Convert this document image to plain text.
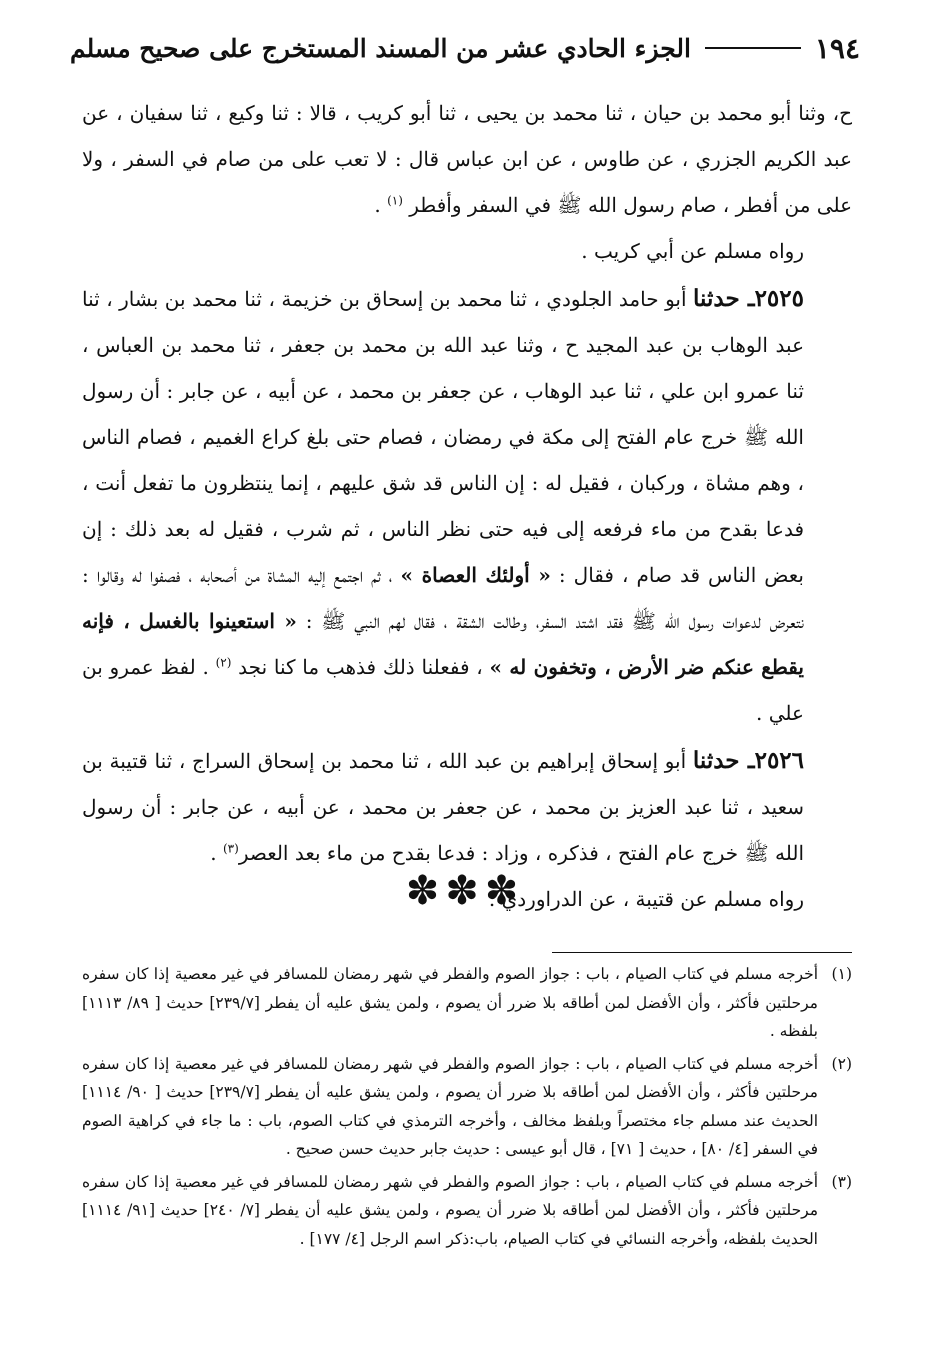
١٩٤
الجزء الحادي عشر من المسند المستخرج على صحيح مسلم

ح، وثنا أبو محمد بن حيان ، ثنا محمد بن يحيى ، ثنا أبو كريب ، قالا : ثنا وكيع ، ثنا سفيان ، عن عبد الكريم الجزري ، عن طاوس ، عن ابن عباس قال : لا تعب على من صام في السفر ، ولا على من أفطر ، صام رسول الله ﷺ في السفر وأفطر $^{(١)}$ .

رواه مسلم عن أبي كريب .

٢٥٢٥ـ حدثنا أبو حامد الجلودي ، ثنا محمد بن إسحاق بن خزيمة ، ثنا محمد بن بشار ، ثنا عبد الوهاب بن عبد المجيد ح ، وثنا عبد الله بن محمد بن جعفر ، ثنا محمد بن العباس ، ثنا عمرو ابن علي ، ثنا عبد الوهاب ، عن جعفر بن محمد ، عن أبيه ، عن جابر : أن رسول الله ﷺ خرج عام الفتح إلى مكة في رمضان ، فصام حتى بلغ كراع الغميم ، فصام الناس ، وهم مشاة ، وركبان ، فقيل له : إن الناس قد شق عليهم ، إنما ينتظرون ما تفعل أنت ، فدعا بقدح من ماء فرفعه إلى فيه حتى نظر الناس ، ثم شرب ، فقيل له بعد ذلك : إن بعض الناس قد صام ، فقال : « أولئك العصاة » ، ثم اجتمع إليه المشاة من أصحابه ، فصفوا له وقالوا : نتعرض لدعوات رسول الله ﷺ فقد اشتد السفر، وطالت الشقة ، فقال لهم النبي ﷺ : « استعينوا بالغسل ، فإنه يقطع عنكم ضر الأرض ، وتخفون له » ، ففعلنا ذلك فذهب ما كنا نجد $^{(٢)}$ . لفظ عمرو بن علي .

٢٥٢٦ـ حدثنا أبو إسحاق إبراهيم بن عبد الله ، ثنا محمد بن إسحاق السراج ، ثنا قتيبة بن سعيد ، ثنا عبد العزيز بن محمد ، عن جعفر بن محمد ، عن أبيه ، عن جابر : أن رسول الله ﷺ خرج عام الفتح ، فذكره ، وزاد : فدعا بقدح من ماء بعد العصر$^{(٣)}$ .

رواه مسلم عن قتيبة ، عن الدراوردي .

✽✽✽

(١)
أخرجه مسلم في كتاب الصيام ، باب : جواز الصوم والفطر في شهر رمضان للمسافر في غير معصية إذا كان سفره مرحلتين فأكثر ، وأن الأفضل لمن أطاقه بلا ضرر أن يصوم ، ولمن يشق عليه أن يفطر [٢٣٩/٧] حديث [ ٨٩/ ١١١٣] بلفظه .

(٢)
أخرجه مسلم في كتاب الصيام ، باب : جواز الصوم والفطر في شهر رمضان للمسافر في غير معصية إذا كان سفره مرحلتين فأكثر ، وأن الأفضل لمن أطاقه بلا ضرر أن يصوم ، ولمن يشق عليه أن يفطر [٢٣٩/٧] حديث [ ٩٠/ ١١١٤] الحديث عند مسلم جاء مختصراً وبلفظ مخالف ، وأخرجه الترمذي في كتاب الصوم، باب : ما جاء في كراهية الصوم في السفر [٤/ ٨٠] ، حديث [ ٧١] ، قال أبو عيسى : حديث جابر حديث حسن صحيح .

(٣)
أخرجه مسلم في كتاب الصيام ، باب : جواز الصوم والفطر في شهر رمضان للمسافر في غير معصية إذا كان سفره مرحلتين فأكثر ، وأن الأفضل لمن أطاقه بلا ضرر أن يصوم ، ولمن يشق عليه أن يفطر [٧/ ٢٤٠] حديث [٩١/ ١١١٤] الحديث بلفظه، وأخرجه النسائي في كتاب الصيام، باب:ذكر اسم الرجل [٤/ ١٧٧] .
